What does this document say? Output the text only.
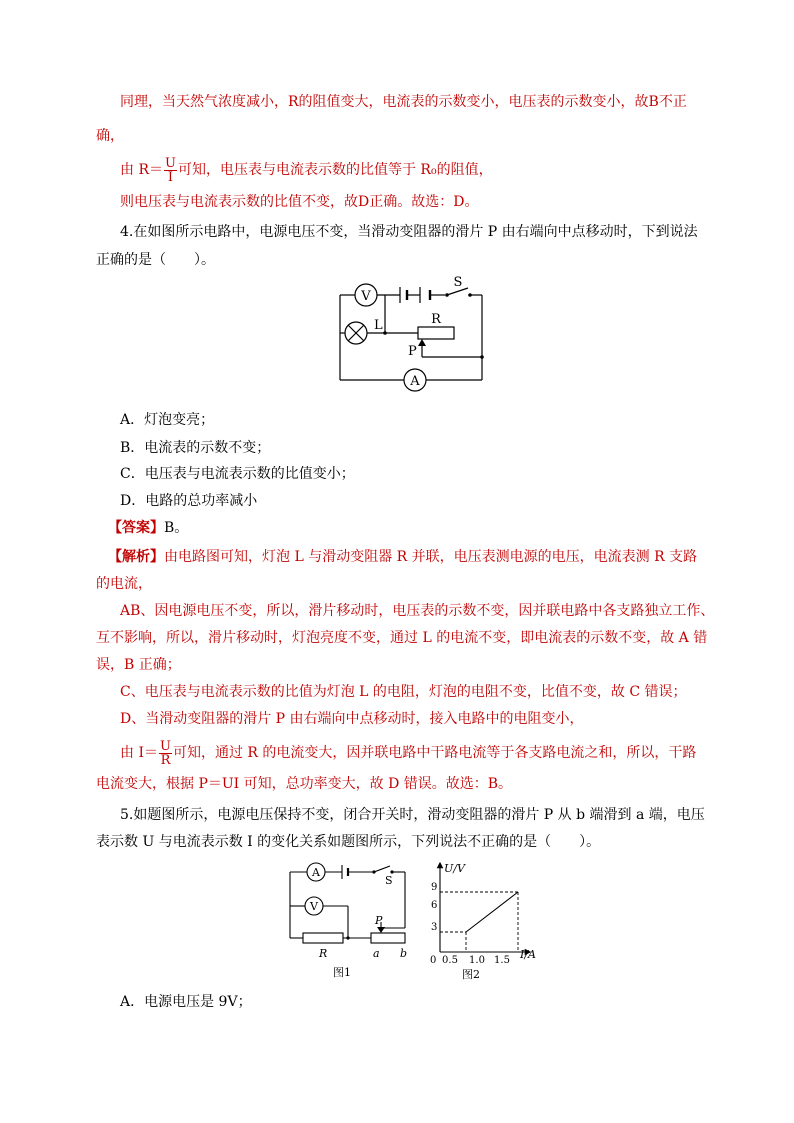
同理，当天然气浓度减小，R的阻值变大，电流表的示数变小，电压表的示数变小，故B不正
确，
由 $R= \frac{U}{I}$ 可知，电压表与电流表示数的比值等于 R₀的阻值，
则电压表与电流表示数的比值不变，故D正确。故选：D。
4.在如图所示电路中，电源电压不变，当滑动变阻器的滑片 P 由右端向中点移动时，下到说法
正确的是（　　）。
V
S
L	R
P
A
A．灯泡变亮；
B．电流表的示数不变；
C．电压表与电流表示数的比值变小；
D．电路的总功率减小
【答案】B。
【解析】由电路图可知，灯泡 L 与滑动变阻器 R 并联，电压表测电源的电压，电流表测 R 支路
的电流，
AB、因电源电压不变，所以，滑片移动时，电压表的示数不变，因并联电路中各支路独立工作、
互不影响，所以，滑片移动时，灯泡亮度不变，通过 L 的电流不变，即电流表的示数不变，故 A 错
误，B 正确；
C、电压表与电流表示数的比值为灯泡 L 的电阻，灯泡的电阻不变，比值不变，故 C 错误；
D、当滑动变阻器的滑片 P 由右端向中点移动时，接入电路中的电阻变小，
由 $I= \frac{U}{R}$ 可知，通过 R 的电流变大，因并联电路中干路电流等于各支路电流之和，所以，干路
电流变大，根据 P＝UI 可知，总功率变大，故 D 错误。故选：B。
5.如题图所示，电源电压保持不变，闭合开关时，滑动变阻器的滑片 P 从 b 端滑到 a 端，电压
表示数 U 与电流表示数 I 的变化关系如题图所示，下列说法不正确的是（　　）。
A
S
V
R
P
a b
图1
U/V
I/A
0
3
6
9
0.5 1.0 1.5
图2
A．电源电压是 9V；
